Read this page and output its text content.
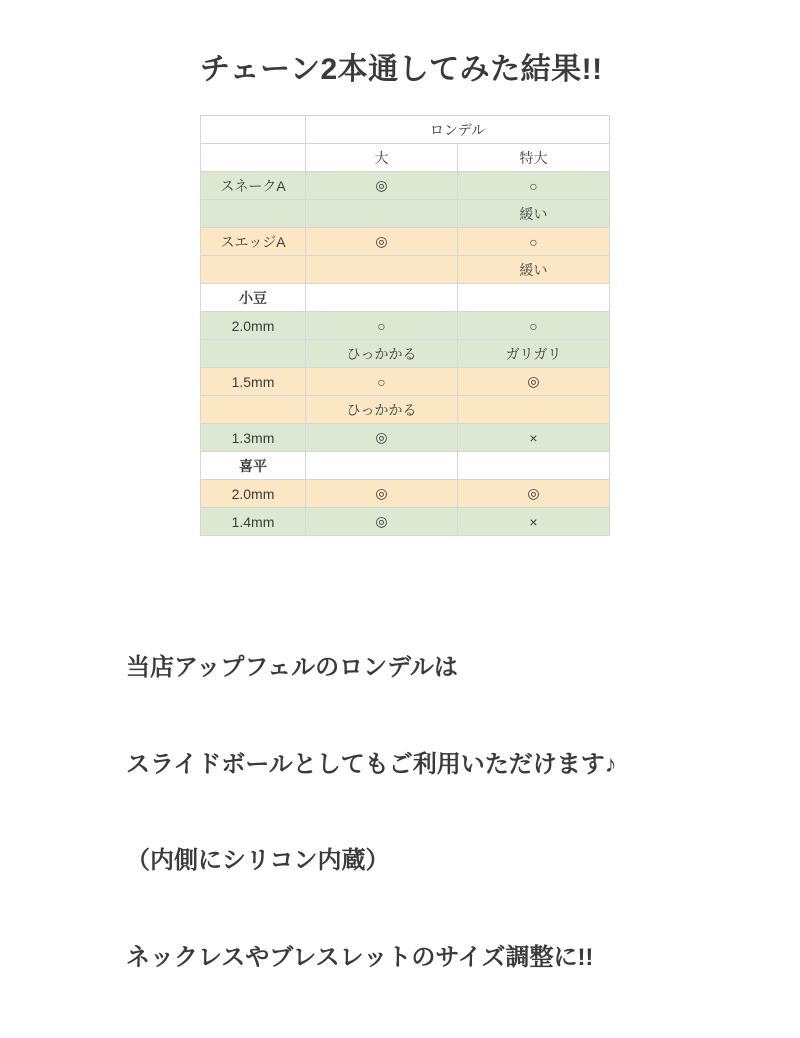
チェーン2本通してみた結果!!
	ロンデル	
	大	特大
スネークA	◎	○
		緩い
スエッジA	◎	○
		緩い
小豆		
2.0mm	○	○
	ひっかかる	ガリガリ
1.5mm	○	◎
	ひっかかる	
1.3mm	◎	×
喜平		
2.0mm	◎	◎
1.4mm	◎	×

当店アップフェルのロンデルは

スライドボールとしてもご利用いただけます♪

（内側にシリコン内蔵）

ネックレスやブレスレットのサイズ調整に!!
